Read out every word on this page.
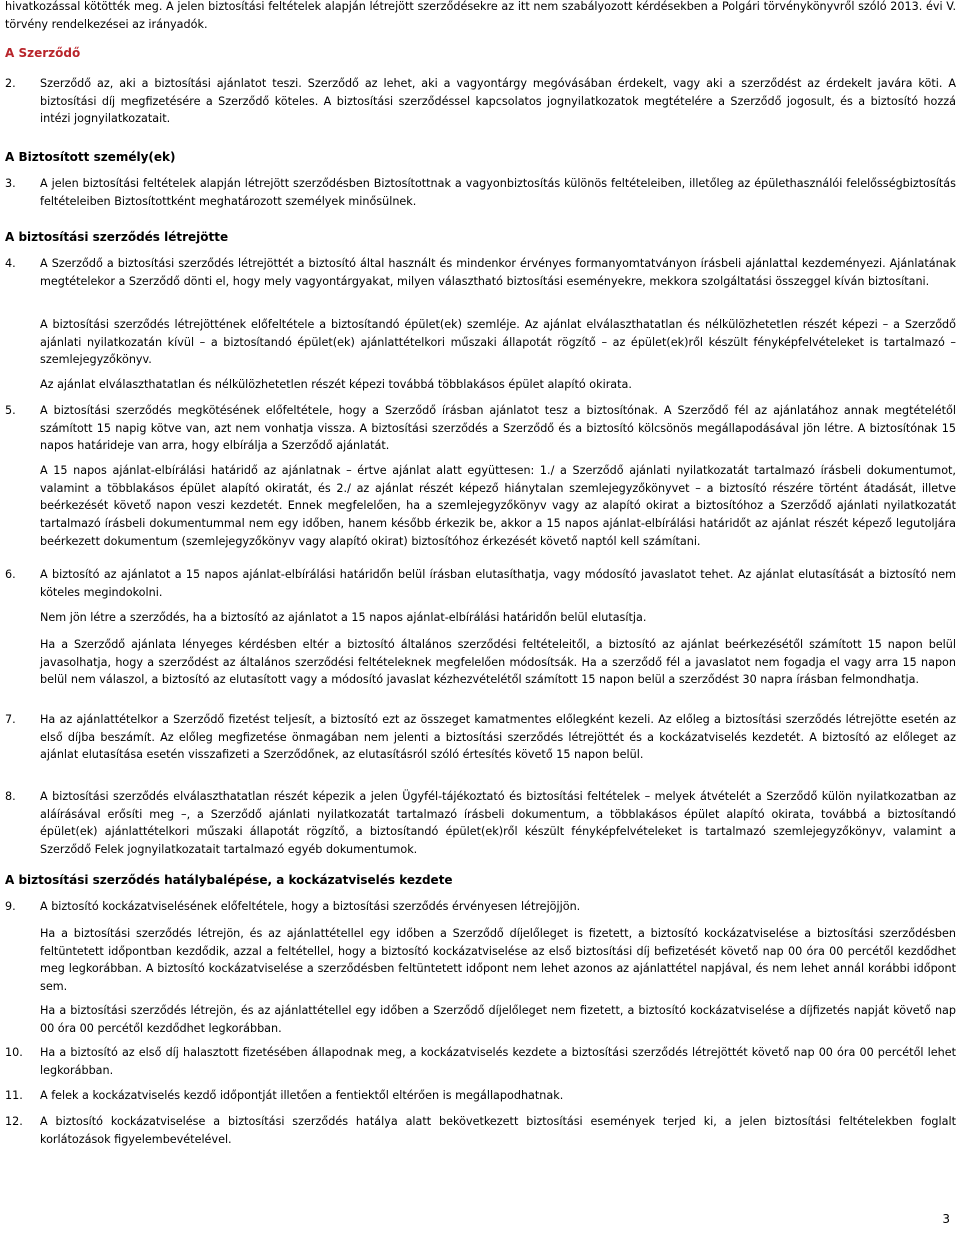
hivatkozással kötötték meg. A jelen biztosítási feltételek alapján létrejött szerződésekre az itt nem szabályozott kérdésekben a Polgári törvénykönyvről szóló 2013. évi V. törvény rendelkezései az irányadók.

A Szerződő
2.	Szerződő az, aki a biztosítási ajánlatot teszi. Szerződő az lehet, aki a vagyontárgy megóvásában érdekelt, vagy aki a szerződést az érdekelt javára köti. A biztosítási díj megfizetésére a Szerződő köteles. A biztosítási szerződéssel kapcsolatos jognyilatkozatok megtételére a Szerződő jogosult, és a biztosító hozzá intézi jognyilatkozatait.

A Biztosított személy(ek)
3.	A jelen biztosítási feltételek alapján létrejött szerződésben Biztosítottnak a vagyonbiztosítás különös feltételeiben, illetőleg az épülethasználói felelősségbiztosítás feltételeiben Biztosítottként meghatározott személyek minősülnek.

A biztosítási szerződés létrejötte
4.	A Szerződő a biztosítási szerződés létrejöttét a biztosító által használt és mindenkor érvényes formanyomtatványon írásbeli ajánlattal kezdeményezi. Ajánlatának megtételekor a Szerződő dönti el, hogy mely vagyontárgyakat, milyen választható biztosítási eseményekre, mekkora szolgáltatási összeggel kíván biztosítani.

A biztosítási szerződés létrejöttének előfeltétele a biztosítandó épület(ek) szemléje. Az ajánlat elválaszthatatlan és nélkülözhetetlen részét képezi – a Szerződő ajánlati nyilatkozatán kívül – a biztosítandó épület(ek) ajánlattételkori műszaki állapotát rögzítő – az épület(ek)ről készült fényképfelvételeket is tartalmazó – szemlejegyzőkönyv.

Az ajánlat elválaszthatatlan és nélkülözhetetlen részét képezi továbbá többlakásos épület alapító okirata.

5.	A biztosítási szerződés megkötésének előfeltétele, hogy a Szerződő írásban ajánlatot tesz a biztosítónak. A Szerződő fél az ajánlatához annak megtételétől számított 15 napig kötve van, azt nem vonhatja vissza. A biztosítási szerződés a Szerződő és a biztosító kölcsönös megállapodásával jön létre. A biztosítónak 15 napos határideje van arra, hogy elbírálja a Szerződő ajánlatát.

A 15 napos ajánlat-elbírálási határidő az ajánlatnak – értve ajánlat alatt együttesen: 1./ a Szerződő ajánlati nyilatkozatát tartalmazó írásbeli dokumentumot, valamint a többlakásos épület alapító okiratát, és 2./ az ajánlat részét képező hiánytalan szemlejegyzőkönyvet – a biztosító részére történt átadását, illetve beérkezését követő napon veszi kezdetét. Ennek megfelelően, ha a szemlejegyzőkönyv vagy az alapító okirat a biztosítóhoz a Szerződő ajánlati nyilatkozatát tartalmazó írásbeli dokumentummal nem egy időben, hanem később érkezik be, akkor a 15 napos ajánlat-elbírálási határidőt az ajánlat részét képező legutoljára beérkezett dokumentum (szemlejegyzőkönyv vagy alapító okirat) biztosítóhoz érkezését követő naptól kell számítani.

6.	A biztosító az ajánlatot a 15 napos ajánlat-elbírálási határidőn belül írásban elutasíthatja, vagy módosító javaslatot tehet. Az ajánlat elutasítását a biztosító nem köteles megindokolni.

Nem jön létre a szerződés, ha a biztosító az ajánlatot a 15 napos ajánlat-elbírálási határidőn belül elutasítja.

Ha a Szerződő ajánlata lényeges kérdésben eltér a biztosító általános szerződési feltételeitől, a biztosító az ajánlat beérkezésétől számított 15 napon belül javasolhatja, hogy a szerződést az általános szerződési feltételeknek megfelelően módosítsák. Ha a szerződő fél a javaslatot nem fogadja el vagy arra 15 napon belül nem válaszol, a biztosító az elutasított vagy a módosító javaslat kézhezvételétől számított 15 napon belül a szerződést 30 napra írásban felmondhatja.

7.	Ha az ajánlattételkor a Szerződő fizetést teljesít, a biztosító ezt az összeget kamatmentes előlegként kezeli. Az előleg a biztosítási szerződés létrejötte esetén az első díjba beszámít. Az előleg megfizetése önmagában nem jelenti a biztosítási szerződés létrejöttét és a kockázatviselés kezdetét. A biztosító az előleget az ajánlat elutasítása esetén visszafizeti a Szerződőnek, az elutasításról szóló értesítés követő 15 napon belül.

8.	A biztosítási szerződés elválaszthatatlan részét képezik a jelen Ügyfél-tájékoztató és biztosítási feltételek – melyek átvételét a Szerződő külön nyilatkozatban az aláírásával erősíti meg –, a Szerződő ajánlati nyilatkozatát tartalmazó írásbeli dokumentum, a többlakásos épület alapító okirata, továbbá a biztosítandó épület(ek) ajánlattételkori műszaki állapotát rögzítő, a biztosítandó épület(ek)ről készült fényképfelvételeket is tartalmazó szemlejegyzőkönyv, valamint a Szerződő Felek jognyilatkozatait tartalmazó egyéb dokumentumok.

A biztosítási szerződés hatálybalépése, a kockázatviselés kezdete
9.	A biztosító kockázatviselésének előfeltétele, hogy a biztosítási szerződés érvényesen létrejöjjön.

Ha a biztosítási szerződés létrejön, és az ajánlattétellel egy időben a Szerződő díjelőleget is fizetett, a biztosító kockázatviselése a biztosítási szerződésben feltüntetett időpontban kezdődik, azzal a feltétellel, hogy a biztosító kockázatviselése az első biztosítási díj befizetését követő nap 00 óra 00 percétől kezdődhet meg legkorábban. A biztosító kockázatviselése a szerződésben feltüntetett időpont nem lehet azonos az ajánlattétel napjával, és nem lehet annál korábbi időpont sem.

Ha a biztosítási szerződés létrejön, és az ajánlattétellel egy időben a Szerződő díjelőleget nem fizetett, a biztosító kockázatviselése a díjfizetés napját követő nap 00 óra 00 percétől kezdődhet legkorábban.

10.	Ha a biztosító az első díj halasztott fizetésében állapodnak meg, a kockázatviselés kezdete a biztosítási szerződés létrejöttét követő nap 00 óra 00 percétől lehet legkorábban.

11.	A felek a kockázatviselés kezdő időpontját illetően a fentiektől eltérően is megállapodhatnak.

12.	A biztosító kockázatviselése a biztosítási szerződés hatálya alatt bekövetkezett biztosítási események terjed ki, a jelen biztosítási feltételekben foglalt korlátozások figyelembevételével.

3
